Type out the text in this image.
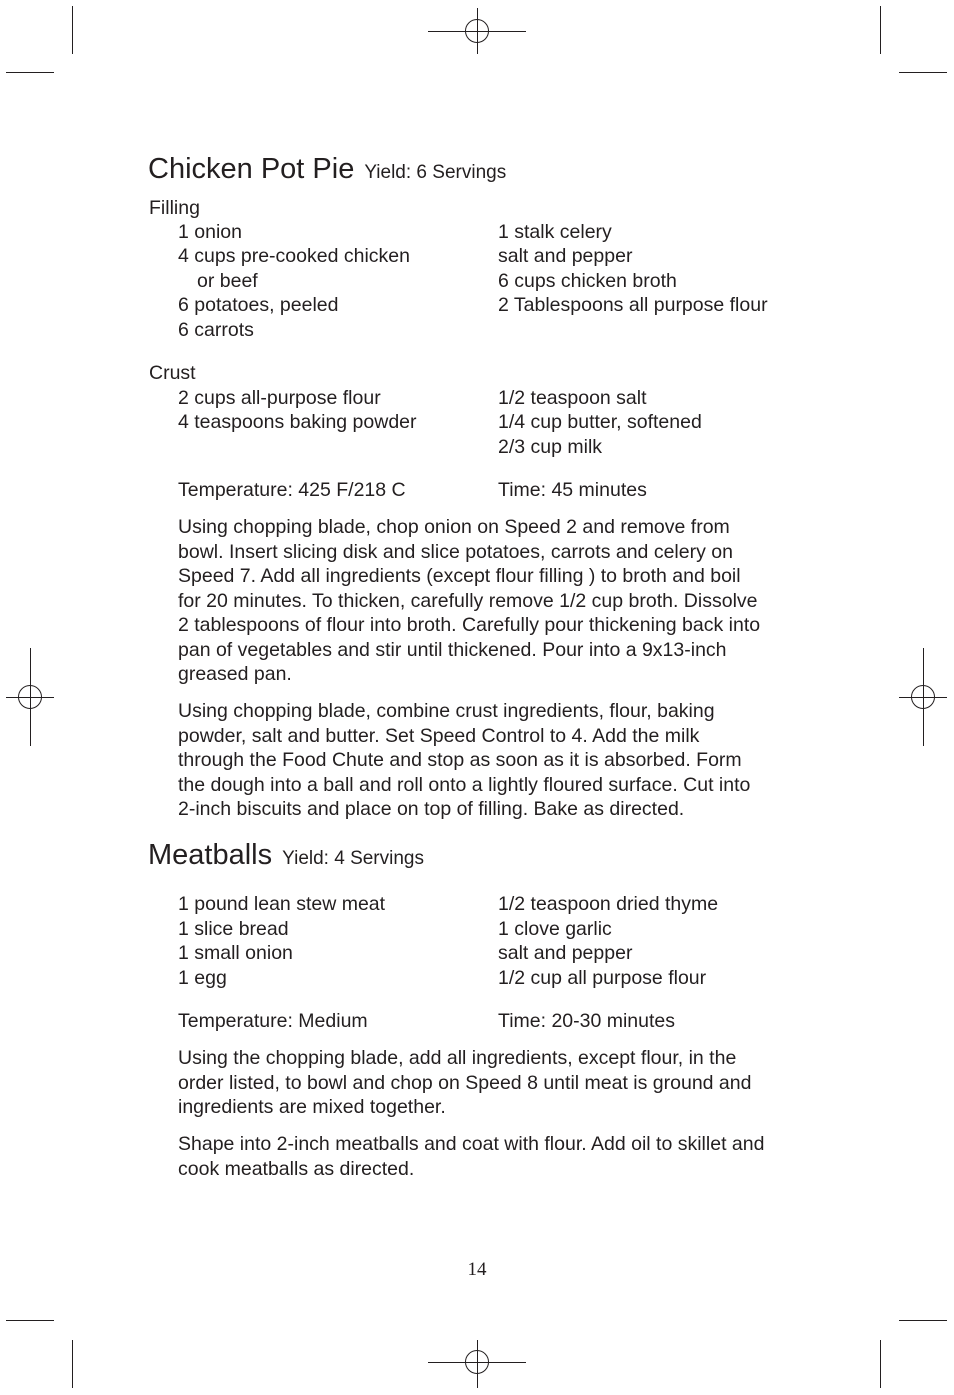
Chicken Pot Pie Yield: 6 Servings
Filling
1 onion
4 cups pre-cooked chicken
or beef
6 potatoes, peeled
6 carrots
1 stalk celery
salt and pepper
6 cups chicken broth
2 Tablespoons all purpose flour
Crust
2 cups all-purpose flour
4 teaspoons baking powder
1/2 teaspoon salt
1/4 cup butter, softened
2/3 cup milk
Temperature: 425 F/218 C	Time: 45 minutes
Using chopping blade, chop onion on Speed 2 and remove from
bowl. Insert slicing disk and slice potatoes, carrots and celery on
Speed 7. Add all ingredients (except flour filling ) to broth and boil
for 20 minutes. To thicken, carefully remove 1/2 cup broth. Dissolve
2 tablespoons of flour into broth. Carefully pour thickening back into
pan of vegetables and stir until thickened. Pour into a 9x13-inch
greased pan.
Using chopping blade, combine crust ingredients, flour, baking
powder, salt and butter. Set Speed Control to 4. Add the milk
through the Food Chute and stop as soon as it is absorbed. Form
the dough into a ball and roll onto a lightly floured surface. Cut into
2-inch biscuits and place on top of filling. Bake as directed.
Meatballs Yield: 4 Servings
1 pound lean stew meat
1 slice bread
1 small onion
1 egg
1/2 teaspoon dried thyme
1 clove garlic
salt and pepper
1/2 cup all purpose flour
Temperature: Medium	Time: 20-30 minutes
Using the chopping blade, add all ingredients, except flour, in the
order listed, to bowl and chop on Speed 8 until meat is ground and
ingredients are mixed together.
Shape into 2-inch meatballs and coat with flour. Add oil to skillet and
cook meatballs as directed.
14
